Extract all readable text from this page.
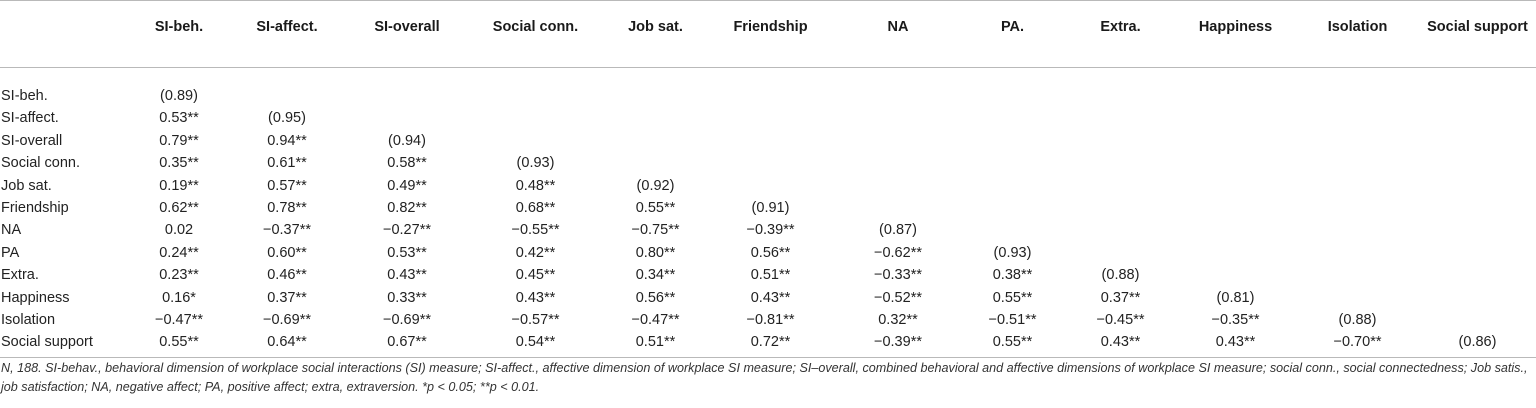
	SI-beh.	SI-affect.	SI-overall	Social conn.	Job sat.	Friendship	NA	PA.	Extra.	Happiness	Isolation	Social support

SI-beh.	(0.89)											
SI-affect.	0.53**	(0.95)										
SI-overall	0.79**	0.94**	(0.94)									
Social conn.	0.35**	0.61**	0.58**	(0.93)								
Job sat.	0.19**	0.57**	0.49**	0.48**	(0.92)							
Friendship	0.62**	0.78**	0.82**	0.68**	0.55**	(0.91)						
NA	0.02	−0.37**	−0.27**	−0.55**	−0.75**	−0.39**	(0.87)					
PA	0.24**	0.60**	0.53**	0.42**	0.80**	0.56**	−0.62**	(0.93)				
Extra.	0.23**	0.46**	0.43**	0.45**	0.34**	0.51**	−0.33**	0.38**	(0.88)			
Happiness	0.16*	0.37**	0.33**	0.43**	0.56**	0.43**	−0.52**	0.55**	0.37**	(0.81)		
Isolation	−0.47**	−0.69**	−0.69**	−0.57**	−0.47**	−0.81**	0.32**	−0.51**	−0.45**	−0.35**	(0.88)	
Social support	0.55**	0.64**	0.67**	0.54**	0.51**	0.72**	−0.39**	0.55**	0.43**	0.43**	−0.70**	(0.86)
N, 188. SI-behav., behavioral dimension of workplace social interactions (SI) measure; SI-affect., affective dimension of workplace SI measure; SI–overall, combined behavioral and affective dimensions of workplace SI measure; social conn., social connectedness; Job satis., job satisfaction; NA, negative affect; PA, positive affect; extra, extraversion. *p < 0.05; **p < 0.01.
